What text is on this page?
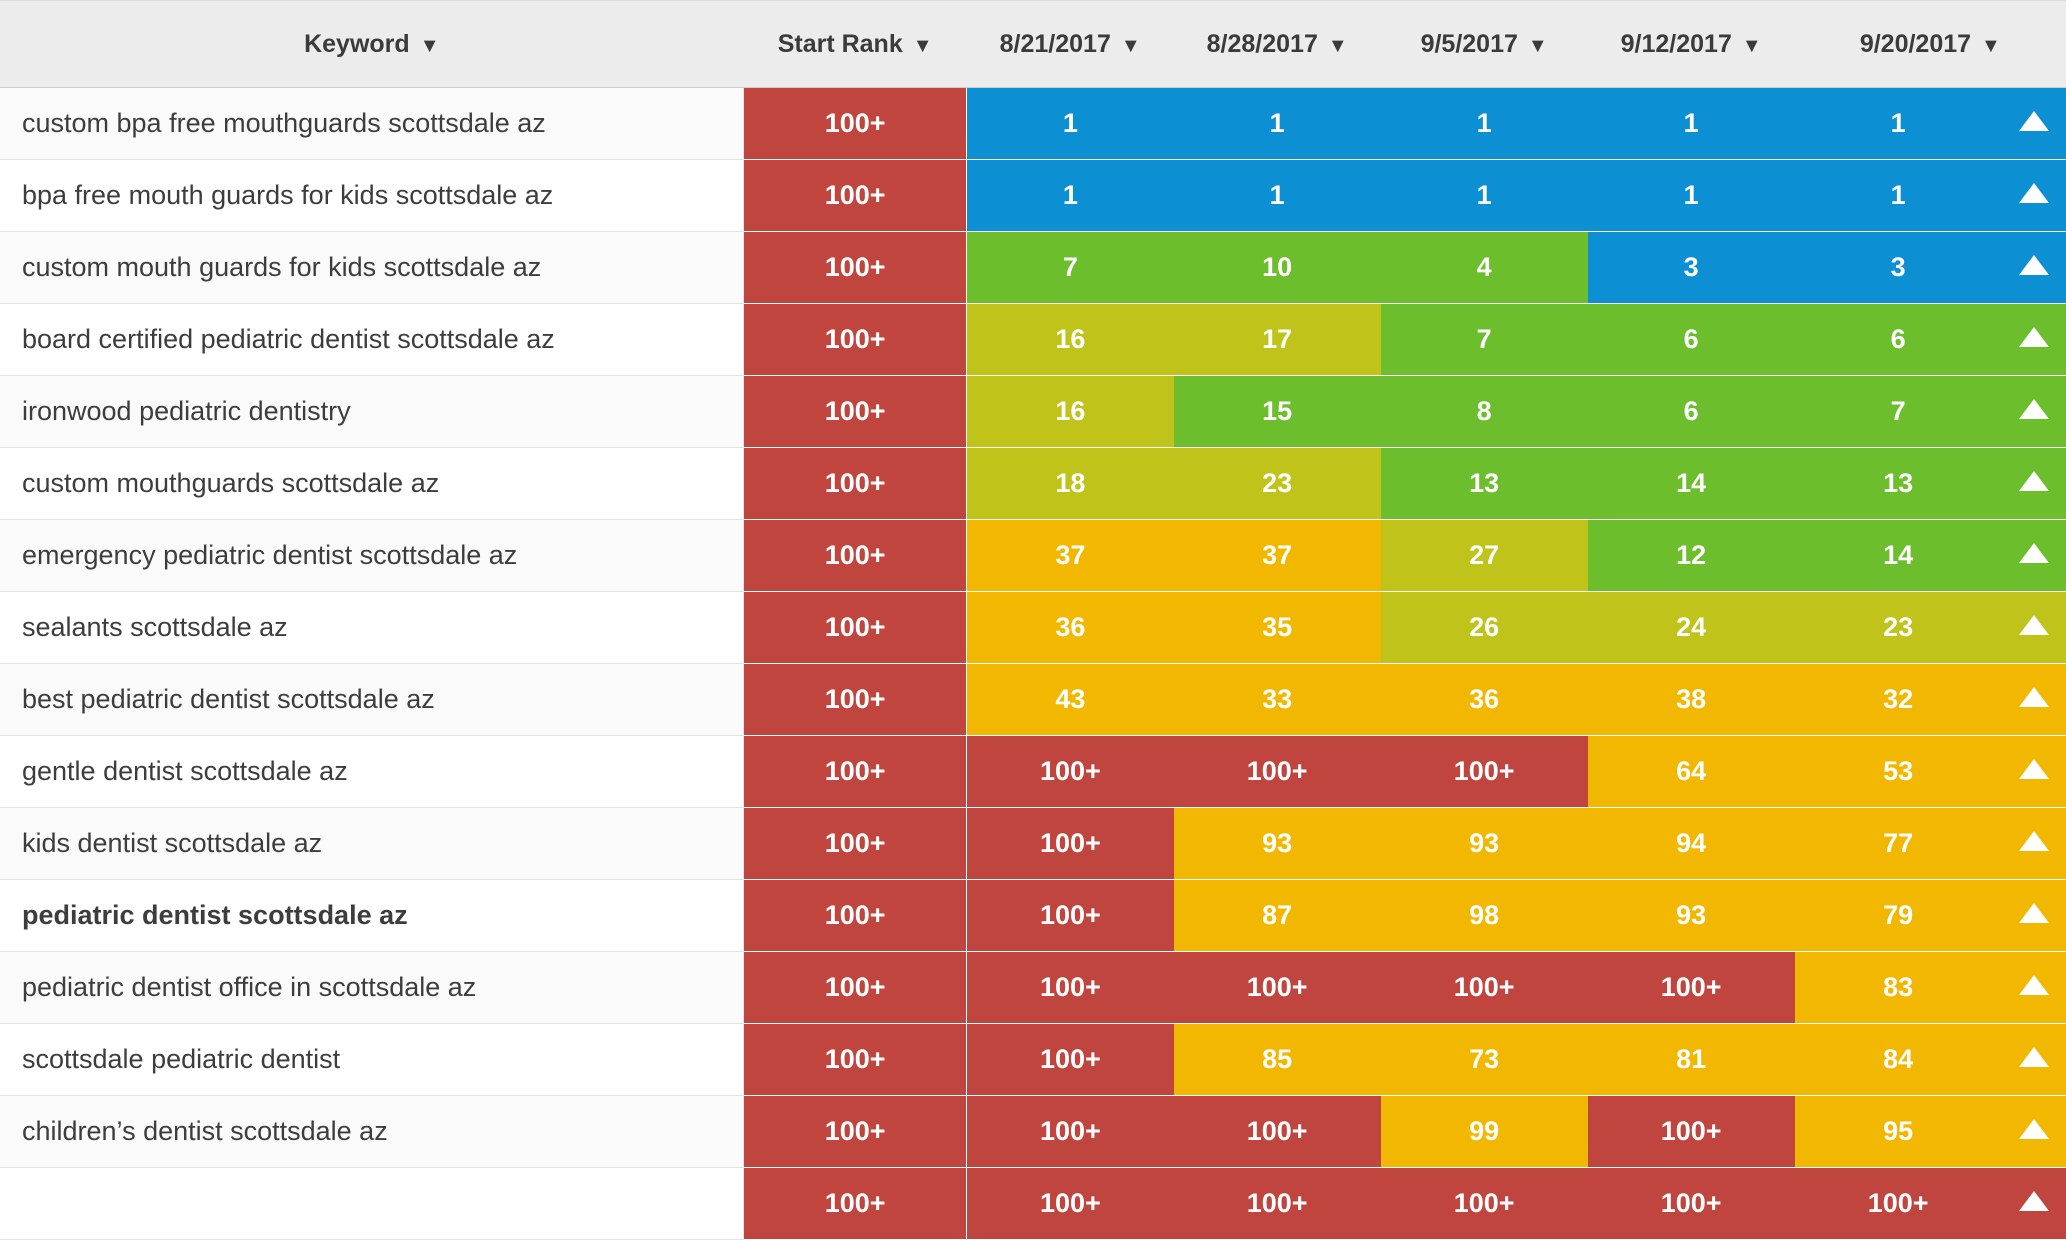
Keyword ▼	Start Rank ▼	8/21/2017 ▼	8/28/2017 ▼	9/5/2017 ▼	9/12/2017 ▼	9/20/2017 ▼	
custom bpa free mouthguards scottsdale az	100+	1	1	1	1	1	
bpa free mouth guards for kids scottsdale az	100+	1	1	1	1	1	
custom mouth guards for kids scottsdale az	100+	7	10	4	3	3	
board certified pediatric dentist scottsdale az	100+	16	17	7	6	6	
ironwood pediatric dentistry	100+	16	15	8	6	7	
custom mouthguards scottsdale az	100+	18	23	13	14	13	
emergency pediatric dentist scottsdale az	100+	37	37	27	12	14	
sealants scottsdale az	100+	36	35	26	24	23	
best pediatric dentist scottsdale az	100+	43	33	36	38	32	
gentle dentist scottsdale az	100+	100+	100+	100+	64	53	
kids dentist scottsdale az	100+	100+	93	93	94	77	
pediatric dentist scottsdale az	100+	100+	87	98	93	79	
pediatric dentist office in scottsdale az	100+	100+	100+	100+	100+	83	
scottsdale pediatric dentist	100+	100+	85	73	81	84	
children’s dentist scottsdale az	100+	100+	100+	99	100+	95	
	100+	100+	100+	100+	100+	100+	
